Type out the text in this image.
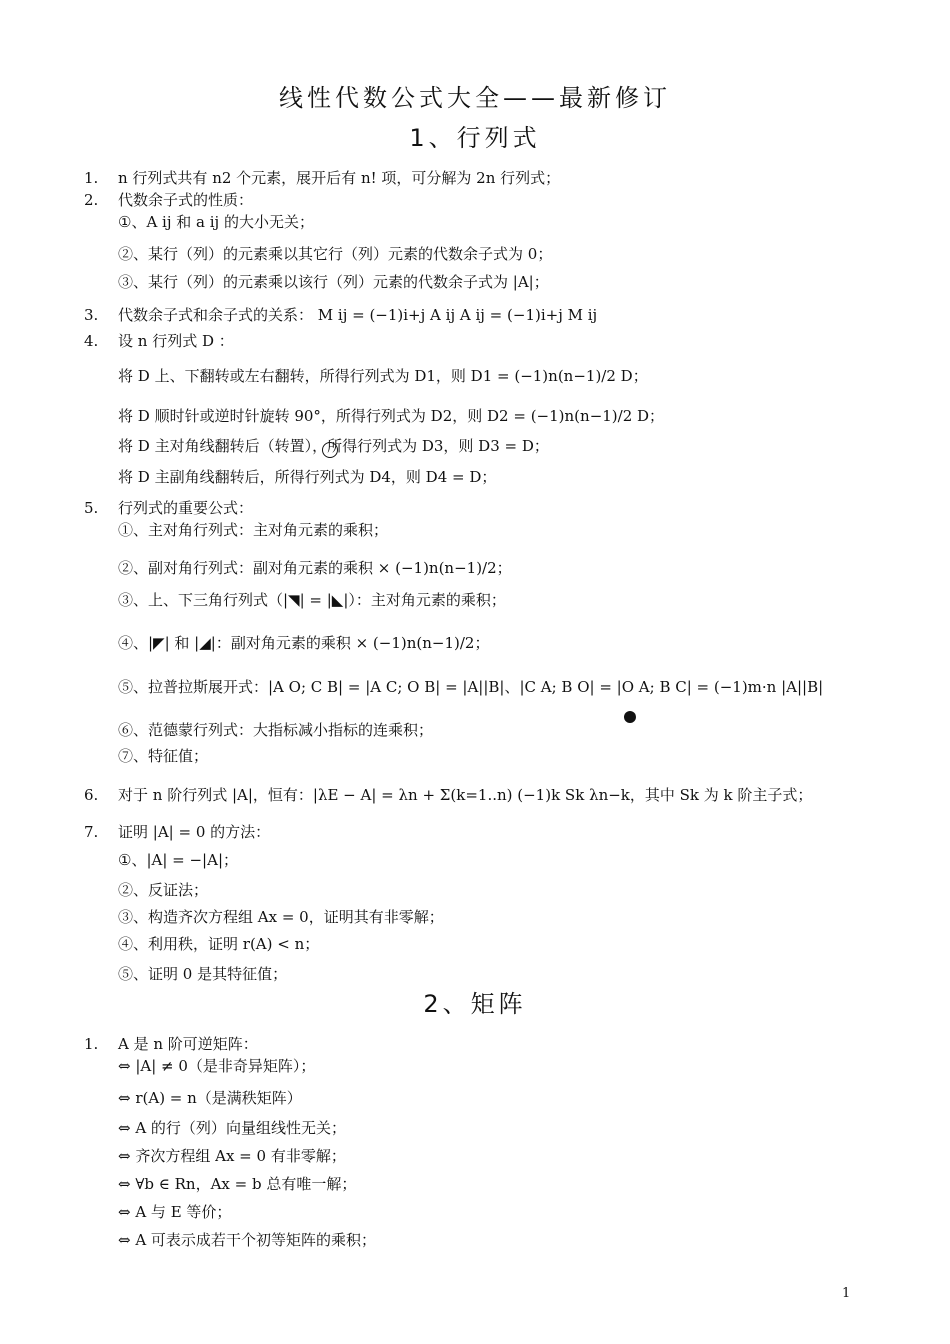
线性代数公式大全——最新修订
1、行列式
1. n 行列式共有 n2 个元素，展开后有 n! 项，可分解为 2n 行列式；
2. 代数余子式的性质：
①、A ij 和 a ij 的大小无关；
②、某行（列）的元素乘以其它行（列）元素的代数余子式为 0；
③、某行（列）的元素乘以该行（列）元素的代数余子式为 |A|；
3. 代数余子式和余子式的关系： M ij = (−1)i+j A ij A ij = (−1)i+j M ij
4. 设 n 行列式 D ：
将 D 上、下翻转或左右翻转，所得行列式为 D1，则 D1 = (−1)n(n−1)/2 D；
将 D 顺时针或逆时针旋转 90°，所得行列式为 D2，则 D2 = (−1)n(n−1)/2 D；
将 D 主对角线翻转后（转置），所得行列式为 D3，则 D3 = D；
将 D 主副角线翻转后，所得行列式为 D4，则 D4 = D；
5. 行列式的重要公式：
①、主对角行列式：主对角元素的乘积；
②、副对角行列式：副对角元素的乘积 × (−1)n(n−1)/2；
③、上、下三角行列式（|◥| = |◣|）：主对角元素的乘积；
④、|◤| 和 |◢|：副对角元素的乘积 × (−1)n(n−1)/2；
⑤、拉普拉斯展开式：|A O; C B| = |A C; O B| = |A||B|、|C A; B O| = |O A; B C| = (−1)m·n |A||B|
⑥、范德蒙行列式：大指标减小指标的连乘积；
⑦、特征值；
6. 对于 n 阶行列式 |A|，恒有：|λE − A| = λn + Σ(k=1..n) (−1)k Sk λn−k，其中 Sk 为 k 阶主子式；
7. 证明 |A| = 0 的方法：
①、|A| = −|A|；
②、反证法；
③、构造齐次方程组 Ax = 0，证明其有非零解；
④、利用秩，证明 r(A) < n；
⑤、证明 0 是其特征值；
2、矩阵
1. A 是 n 阶可逆矩阵：
⇔ |A| ≠ 0（是非奇异矩阵）；
⇔ r(A) = n（是满秩矩阵）
⇔ A 的行（列）向量组线性无关；
⇔ 齐次方程组 Ax = 0 有非零解；
⇔ ∀b ∈ Rn，Ax = b 总有唯一解；
⇔ A 与 E 等价；
⇔ A 可表示成若干个初等矩阵的乘积；
1
